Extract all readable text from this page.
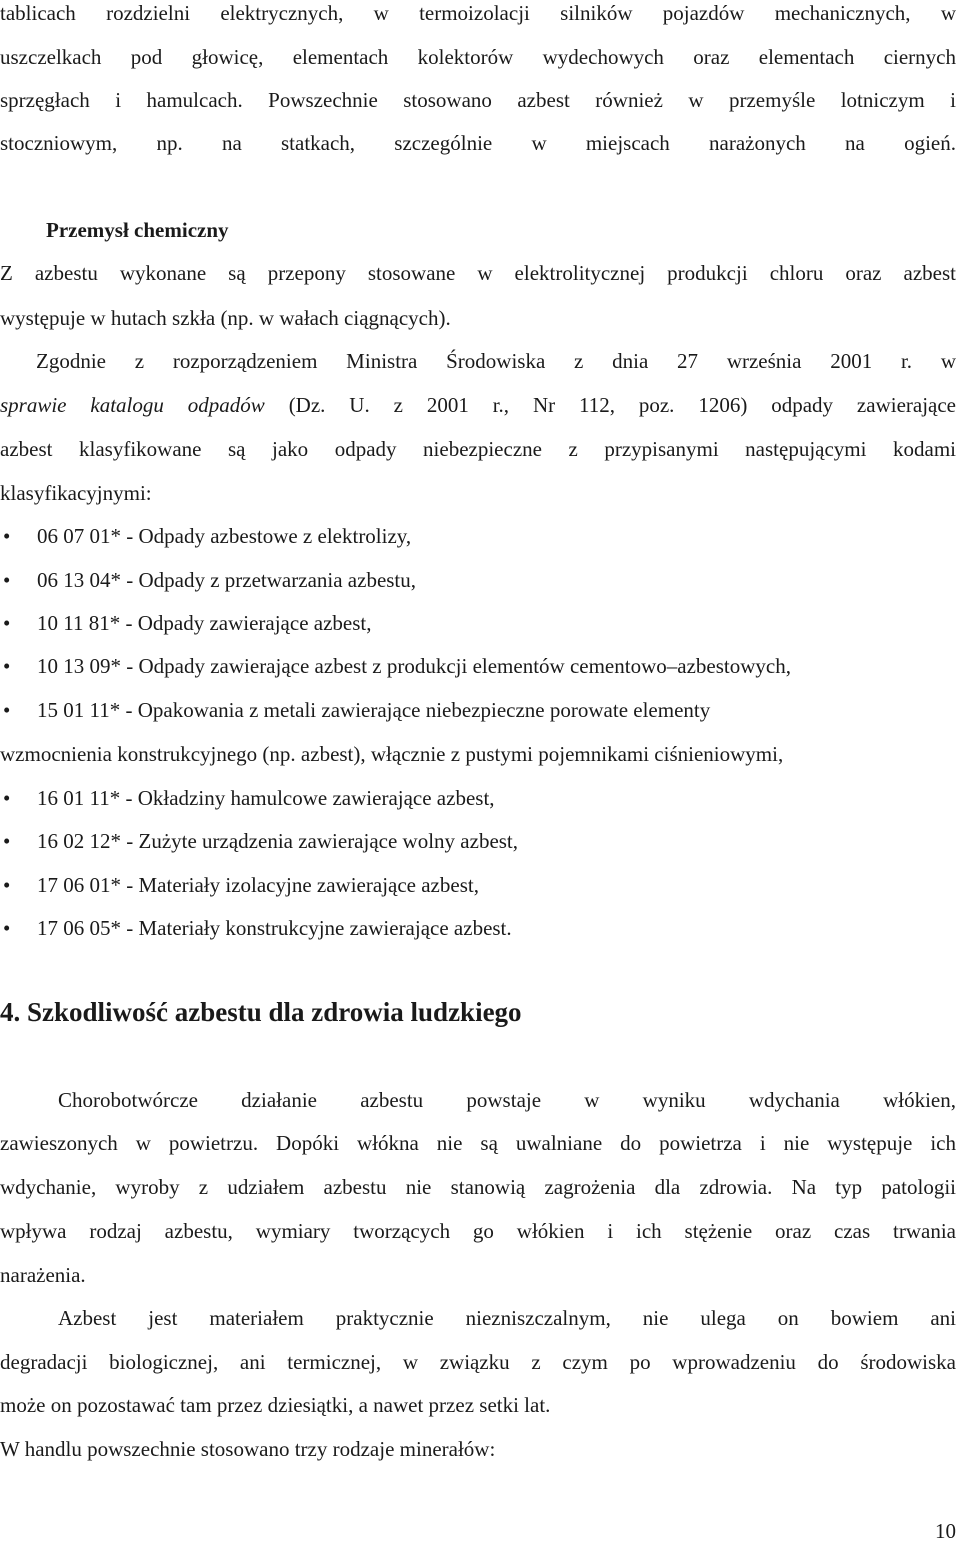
tablicach rozdzielni elektrycznych, w termoizolacji silników pojazdów mechanicznych, w

uszczelkach pod głowicę, elementach kolektorów wydechowych oraz elementach ciernych

sprzęgłach i hamulcach. Powszechnie stosowano azbest również w przemyśle lotniczym i

stoczniowym, np. na statkach, szczególnie w miejscach narażonych na ogień.

Przemysł chemiczny

Z azbestu wykonane są przepony stosowane w elektrolitycznej produkcji chloru oraz azbest

występuje w hutach szkła (np. w wałach ciągnących).

Zgodnie z rozporządzeniem Ministra Środowiska z dnia 27 września 2001 r. w

sprawie katalogu odpadów (Dz. U. z 2001 r., Nr 112, poz. 1206) odpady zawierające

azbest klasyfikowane są jako odpady niebezpieczne z przypisanymi następującymi kodami

klasyfikacyjnymi:

• 06 07 01* - Odpady azbestowe z elektrolizy,
• 06 13 04* - Odpady z przetwarzania azbestu,
• 10 11 81* - Odpady zawierające azbest,
• 10 13 09* - Odpady zawierające azbest z produkcji elementów cementowo–azbestowych,
• 15 01 11* - Opakowania z metali zawierające niebezpieczne porowate elementy

wzmocnienia konstrukcyjnego (np. azbest), włącznie z pustymi pojemnikami ciśnieniowymi,

• 16 01 11* - Okładziny hamulcowe zawierające azbest,
• 16 02 12* - Zużyte urządzenia zawierające wolny azbest,
• 17 06 01* - Materiały izolacyjne zawierające azbest,
• 17 06 05* - Materiały konstrukcyjne zawierające azbest.
4. Szkodliwość azbestu dla zdrowia ludzkiego

Chorobotwórcze działanie azbestu powstaje w wyniku wdychania włókien,

zawieszonych w powietrzu. Dopóki włókna nie są uwalniane do powietrza i nie występuje ich

wdychanie, wyroby z udziałem azbestu nie stanowią zagrożenia dla zdrowia. Na typ patologii

wpływa rodzaj azbestu, wymiary tworzących go włókien i ich stężenie oraz czas trwania

narażenia.

Azbest jest materiałem praktycznie niezniszczalnym, nie ulega on bowiem ani

degradacji biologicznej, ani termicznej, w związku z czym po wprowadzeniu do środowiska

może on pozostawać tam przez dziesiątki, a nawet przez setki lat.

W handlu powszechnie stosowano trzy rodzaje minerałów:

10
